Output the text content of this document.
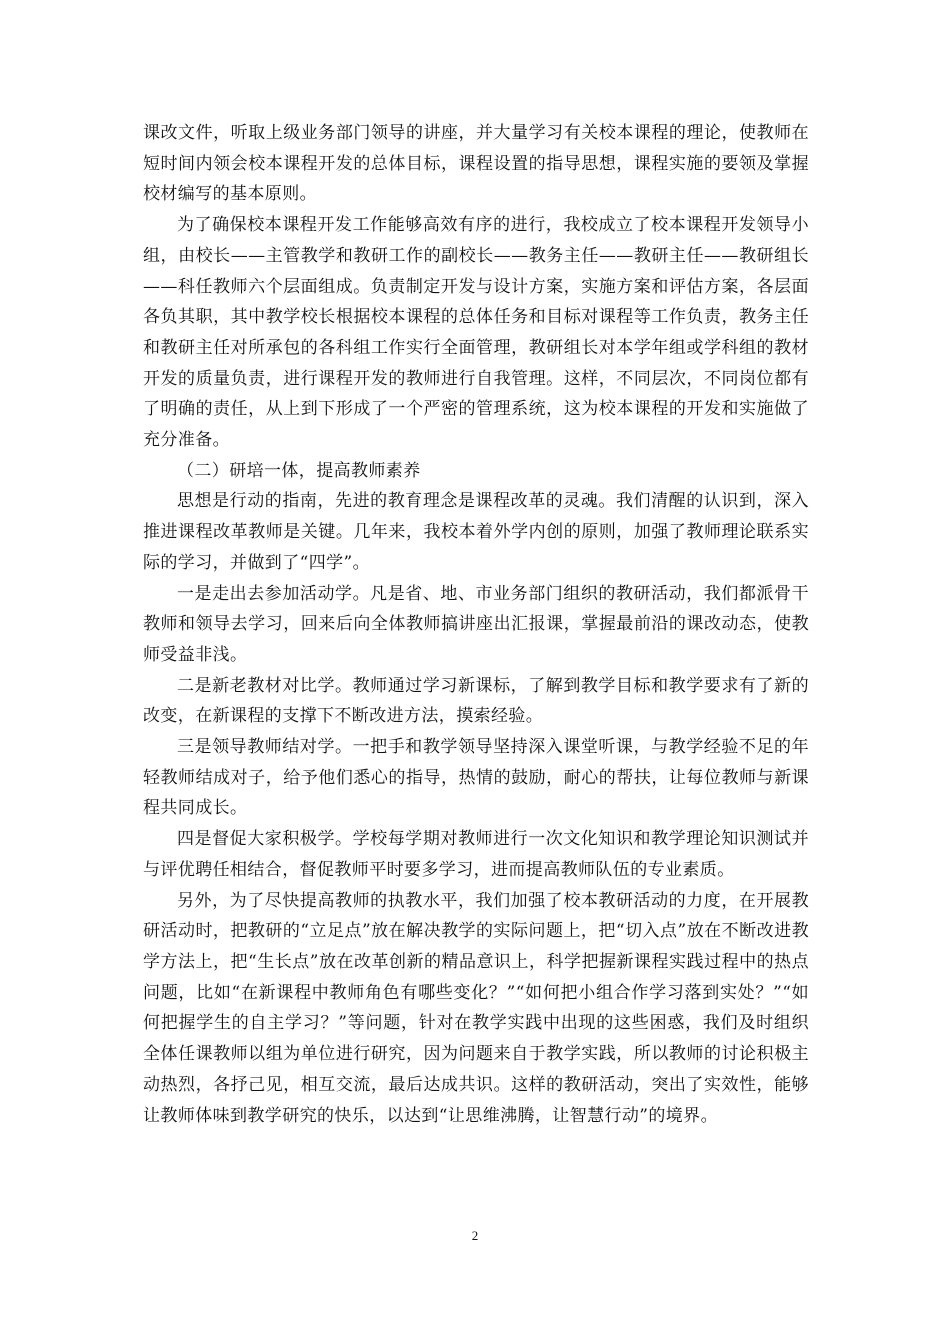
课改文件，听取上级业务部门领导的讲座，并大量学习有关校本课程的理论，使教师在短时间内领会校本课程开发的总体目标，课程设置的指导思想，课程实施的要领及掌握校材编写的基本原则。

为了确保校本课程开发工作能够高效有序的进行，我校成立了校本课程开发领导小组，由校长——主管教学和教研工作的副校长——教务主任——教研主任——教研组长——科任教师六个层面组成。负责制定开发与设计方案，实施方案和评估方案，各层面各负其职，其中教学校长根据校本课程的总体任务和目标对课程等工作负责，教务主任和教研主任对所承包的各科组工作实行全面管理，教研组长对本学年组或学科组的教材开发的质量负责，进行课程开发的教师进行自我管理。这样，不同层次，不同岗位都有了明确的责任，从上到下形成了一个严密的管理系统，这为校本课程的开发和实施做了充分准备。

（二）研培一体，提高教师素养

思想是行动的指南，先进的教育理念是课程改革的灵魂。我们清醒的认识到，深入推进课程改革教师是关键。几年来，我校本着外学内创的原则，加强了教师理论联系实际的学习，并做到了“四学”。

一是走出去参加活动学。凡是省、地、市业务部门组织的教研活动，我们都派骨干教师和领导去学习，回来后向全体教师搞讲座出汇报课，掌握最前沿的课改动态，使教师受益非浅。

二是新老教材对比学。教师通过学习新课标，了解到教学目标和教学要求有了新的改变，在新课程的支撑下不断改进方法，摸索经验。

三是领导教师结对学。一把手和教学领导坚持深入课堂听课，与教学经验不足的年轻教师结成对子，给予他们悉心的指导，热情的鼓励，耐心的帮扶，让每位教师与新课程共同成长。

四是督促大家积极学。学校每学期对教师进行一次文化知识和教学理论知识测试并与评优聘任相结合，督促教师平时要多学习，进而提高教师队伍的专业素质。

另外，为了尽快提高教师的执教水平，我们加强了校本教研活动的力度，在开展教研活动时，把教研的“立足点”放在解决教学的实际问题上，把“切入点”放在不断改进教学方法上，把“生长点”放在改革创新的精品意识上，科学把握新课程实践过程中的热点问题，比如“在新课程中教师角色有哪些变化？”“如何把小组合作学习落到实处？”“如何把握学生的自主学习？”等问题，针对在教学实践中出现的这些困惑，我们及时组织全体任课教师以组为单位进行研究，因为问题来自于教学实践，所以教师的讨论积极主动热烈，各抒己见，相互交流，最后达成共识。这样的教研活动，突出了实效性，能够让教师体味到教学研究的快乐，以达到“让思维沸腾，让智慧行动”的境界。

2
